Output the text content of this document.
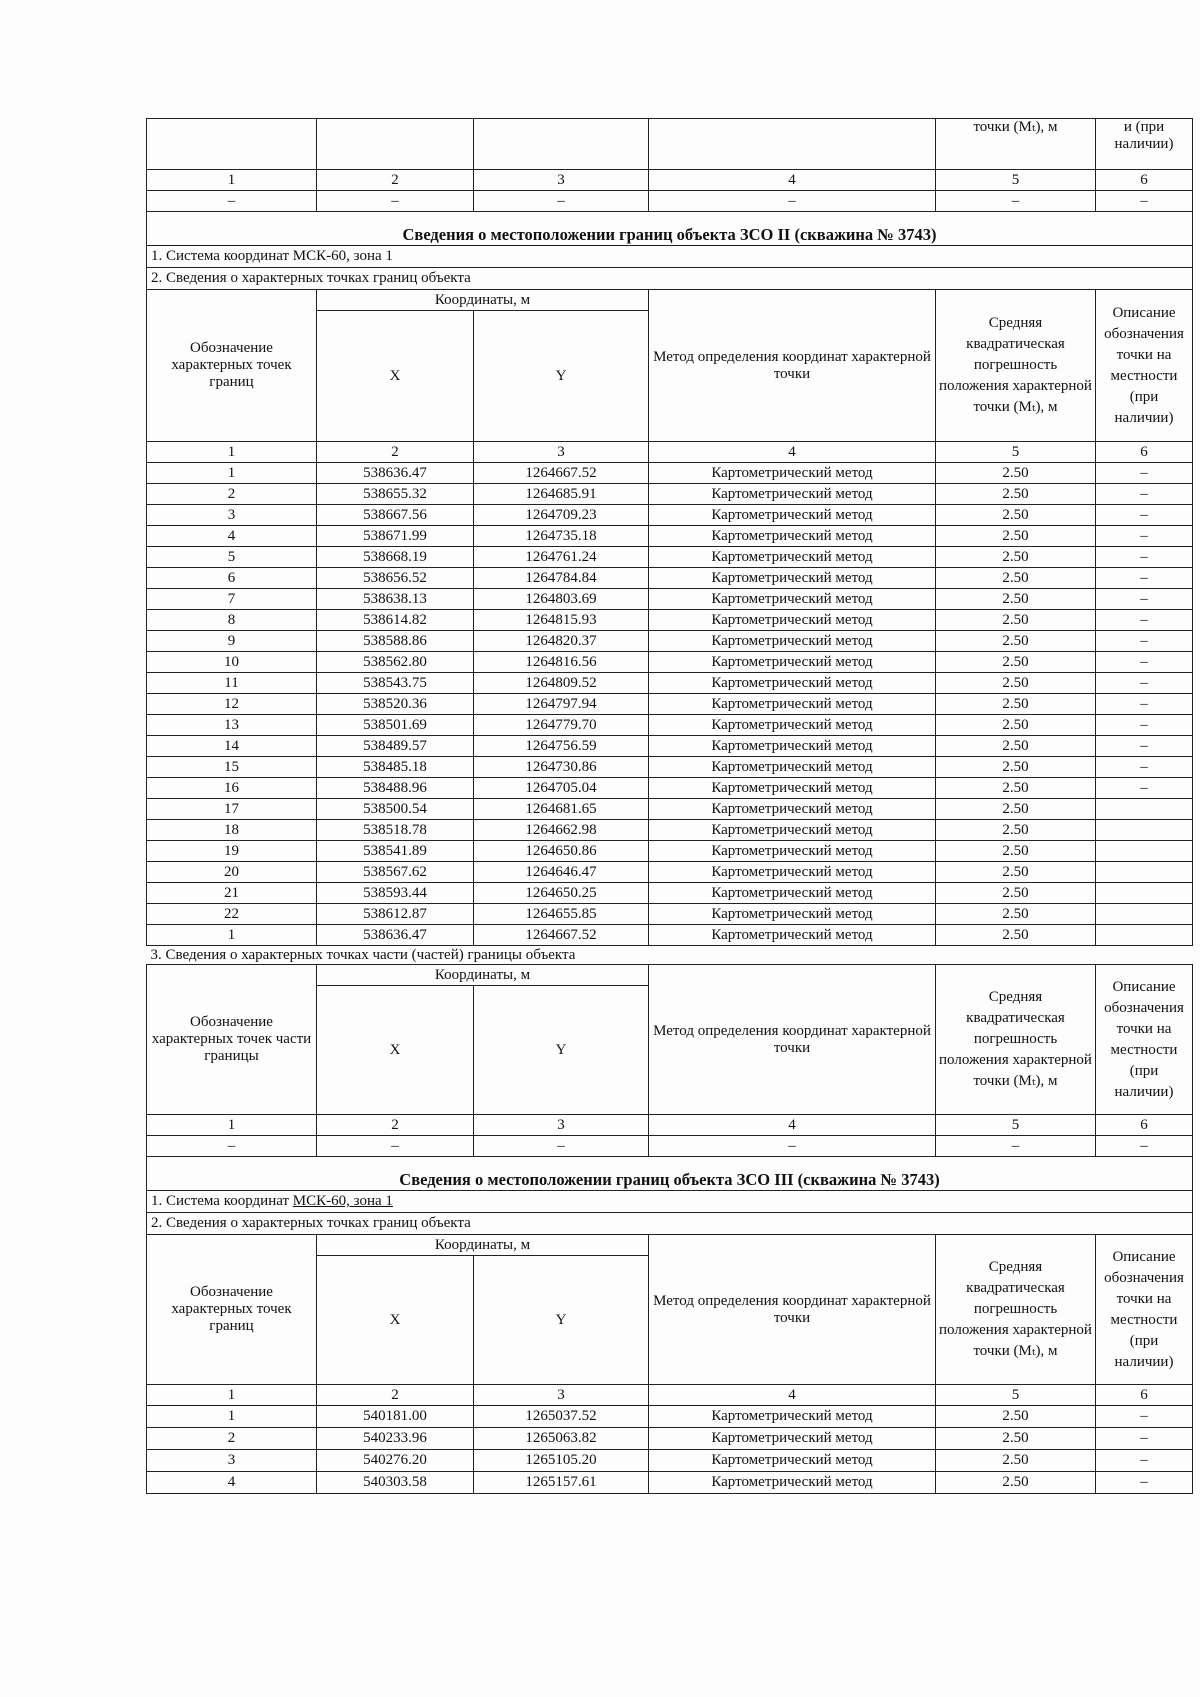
				точки (Mₜ), м	и (при наличии)
1	2	3	4	5	6
–	–	–	–	–	–
Сведения о местоположении границ объекта ЗСО II (скважина № 3743)					
1. Система координат МСК-60, зона 1					
2. Сведения о характерных точках границ объекта					
Обозначение характерных точек границ	Координаты, м		Метод определения координат характерной точки	Средняя квадратическая погрешность положения характерной точки (Mₜ), м	Описание обозначения точки на местности (при наличии)
	X	Y			
1	2	3	4	5	6
1	538636.47	1264667.52	Картометрический метод	2.50	–
2	538655.32	1264685.91	Картометрический метод	2.50	–
3	538667.56	1264709.23	Картометрический метод	2.50	–
4	538671.99	1264735.18	Картометрический метод	2.50	–
5	538668.19	1264761.24	Картометрический метод	2.50	–
6	538656.52	1264784.84	Картометрический метод	2.50	–
7	538638.13	1264803.69	Картометрический метод	2.50	–
8	538614.82	1264815.93	Картометрический метод	2.50	–
9	538588.86	1264820.37	Картометрический метод	2.50	–
10	538562.80	1264816.56	Картометрический метод	2.50	–
11	538543.75	1264809.52	Картометрический метод	2.50	–
12	538520.36	1264797.94	Картометрический метод	2.50	–
13	538501.69	1264779.70	Картометрический метод	2.50	–
14	538489.57	1264756.59	Картометрический метод	2.50	–
15	538485.18	1264730.86	Картометрический метод	2.50	–
16	538488.96	1264705.04	Картометрический метод	2.50	–
17	538500.54	1264681.65	Картометрический метод	2.50	
18	538518.78	1264662.98	Картометрический метод	2.50	
19	538541.89	1264650.86	Картометрический метод	2.50	
20	538567.62	1264646.47	Картометрический метод	2.50	
21	538593.44	1264650.25	Картометрический метод	2.50	
22	538612.87	1264655.85	Картометрический метод	2.50	
1	538636.47	1264667.52	Картометрический метод	2.50	
3. Сведения о характерных точках части (частей) границы объекта					
Обозначение характерных точек части границы	Координаты, м		Метод определения координат характерной точки	Средняя квадратическая погрешность положения характерной точки (Mₜ), м	Описание обозначения точки на местности (при наличии)
	X	Y			
1	2	3	4	5	6
–	–	–	–	–	–
Сведения о местоположении границ объекта ЗСО III (скважина № 3743)					
1. Система координат МСК-60, зона 1					
2. Сведения о характерных точках границ объекта					
Обозначение характерных точек границ	Координаты, м		Метод определения координат характерной точки	Средняя квадратическая погрешность положения характерной точки (Mₜ), м	Описание обозначения точки на местности (при наличии)
	X	Y			
1	2	3	4	5	6
1	540181.00	1265037.52	Картометрический метод	2.50	–
2	540233.96	1265063.82	Картометрический метод	2.50	–
3	540276.20	1265105.20	Картометрический метод	2.50	–
4	540303.58	1265157.61	Картометрический метод	2.50	–
